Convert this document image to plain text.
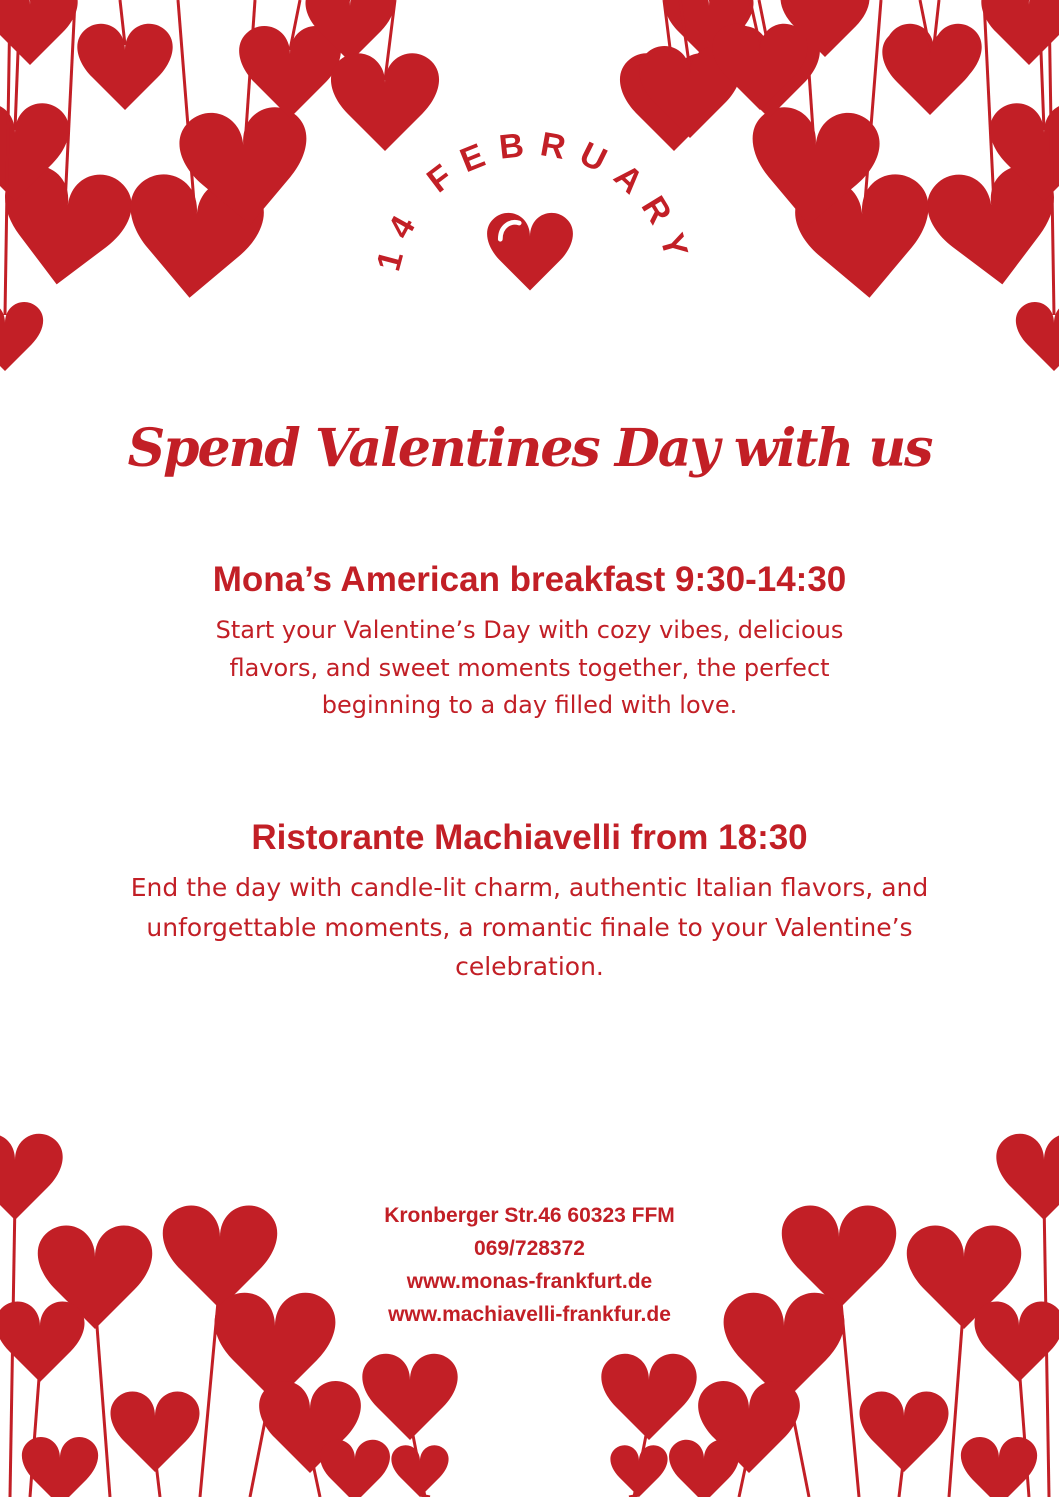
14 FEBRUARY
Spend Valentines Day with us
Mona’s American breakfast 9:30-14:30
Start your Valentine’s Day with cozy vibes, delicious
flavors, and sweet moments together, the perfect
beginning to a day filled with love.
Ristorante Machiavelli from 18:30
End the day with candle-lit charm, authentic Italian flavors, and
unforgettable moments, a romantic finale to your Valentine’s
celebration.
Kronberger Str.46 60323 FFM
069/728372
www.monas-frankfurt.de
www.machiavelli-frankfur.de
